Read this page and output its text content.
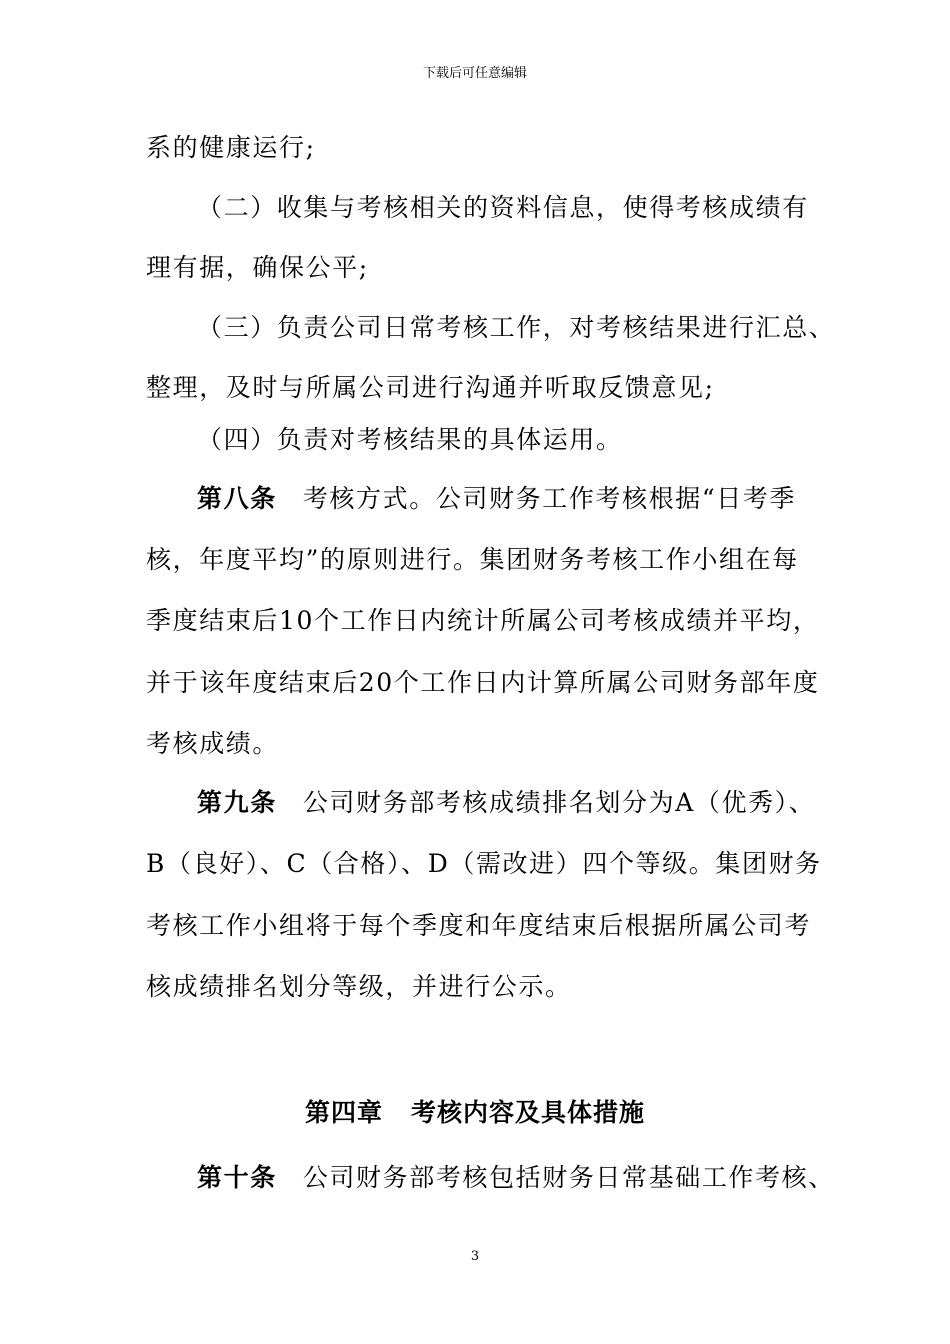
下载后可任意编辑
系的健康运行;
（二）收集与考核相关的资料信息，使得考核成绩有
理有据，确保公平;
（三）负责公司日常考核工作，对考核结果进行汇总、
整理，及时与所属公司进行沟通并听取反馈意见;
（四）负责对考核结果的具体运用。
第八条 考核方式。公司财务工作考核根据“日考季
核，年度平均”的原则进行。集团财务考核工作小组在每
季度结束后10个工作日内统计所属公司考核成绩并平均，
并于该年度结束后20个工作日内计算所属公司财务部年度
考核成绩。
第九条 公司财务部考核成绩排名划分为A（优秀）、
B（良好）、C（合格）、D（需改进）四个等级。集团财务
考核工作小组将于每个季度和年度结束后根据所属公司考
核成绩排名划分等级，并进行公示。
第四章 考核内容及具体措施
第十条 公司财务部考核包括财务日常基础工作考核、
3
